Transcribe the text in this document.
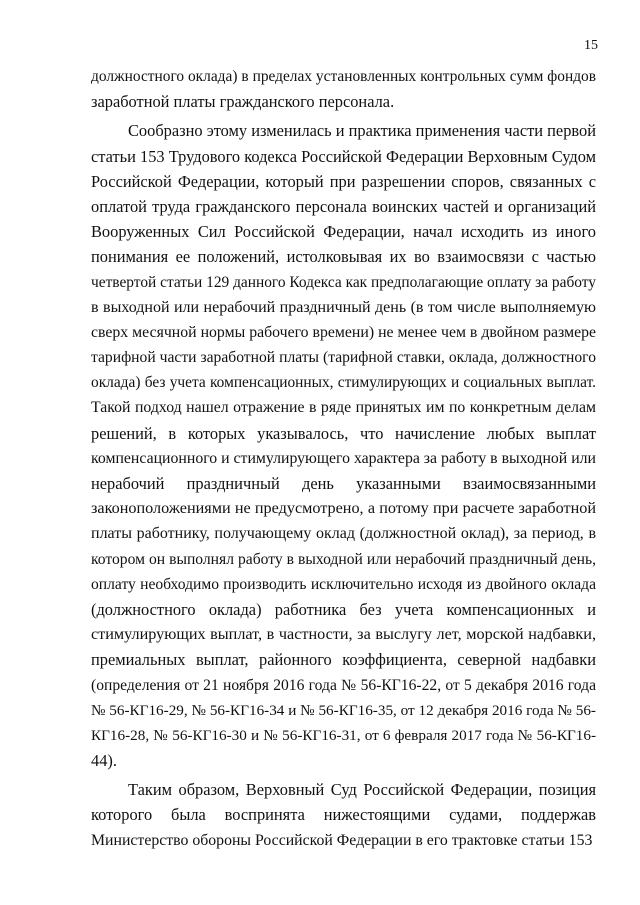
15
должностного оклада) в пределах установленных контрольных сумм фондов
заработной платы гражданского персонала.
Сообразно этому изменилась и практика применения части первой
статьи 153 Трудового кодекса Российской Федерации Верховным Судом
Российской Федерации, который при разрешении споров, связанных с
оплатой труда гражданского персонала воинских частей и организаций
Вооруженных Сил Российской Федерации, начал исходить из иного
понимания ее положений, истолковывая их во взаимосвязи с частью
четвертой статьи 129 данного Кодекса как предполагающие оплату за работу
в выходной или нерабочий праздничный день (в том числе выполняемую
сверх месячной нормы рабочего времени) не менее чем в двойном размере
тарифной части заработной платы (тарифной ставки, оклада, должностного
оклада) без учета компенсационных, стимулирующих и социальных выплат.
Такой подход нашел отражение в ряде принятых им по конкретным делам
решений, в которых указывалось, что начисление любых выплат
компенсационного и стимулирующего характера за работу в выходной или
нерабочий праздничный день указанными взаимосвязанными
законоположениями не предусмотрено, а потому при расчете заработной
платы работнику, получающему оклад (должностной оклад), за период, в
котором он выполнял работу в выходной или нерабочий праздничный день,
оплату необходимо производить исключительно исходя из двойного оклада
(должностного оклада) работника без учета компенсационных и
стимулирующих выплат, в частности, за выслугу лет, морской надбавки,
премиальных выплат, районного коэффициента, северной надбавки
(определения от 21 ноября 2016 года № 56-КГ16-22, от 5 декабря 2016 года
№ 56-КГ16-29, № 56-КГ16-34 и № 56-КГ16-35, от 12 декабря 2016 года № 56-
КГ16-28, № 56-КГ16-30 и № 56-КГ16-31, от 6 февраля 2017 года № 56-КГ16-
44).
Таким образом, Верховный Суд Российской Федерации, позиция
которого была воспринята нижестоящими судами, поддержав
Министерство обороны Российской Федерации в его трактовке статьи 153
